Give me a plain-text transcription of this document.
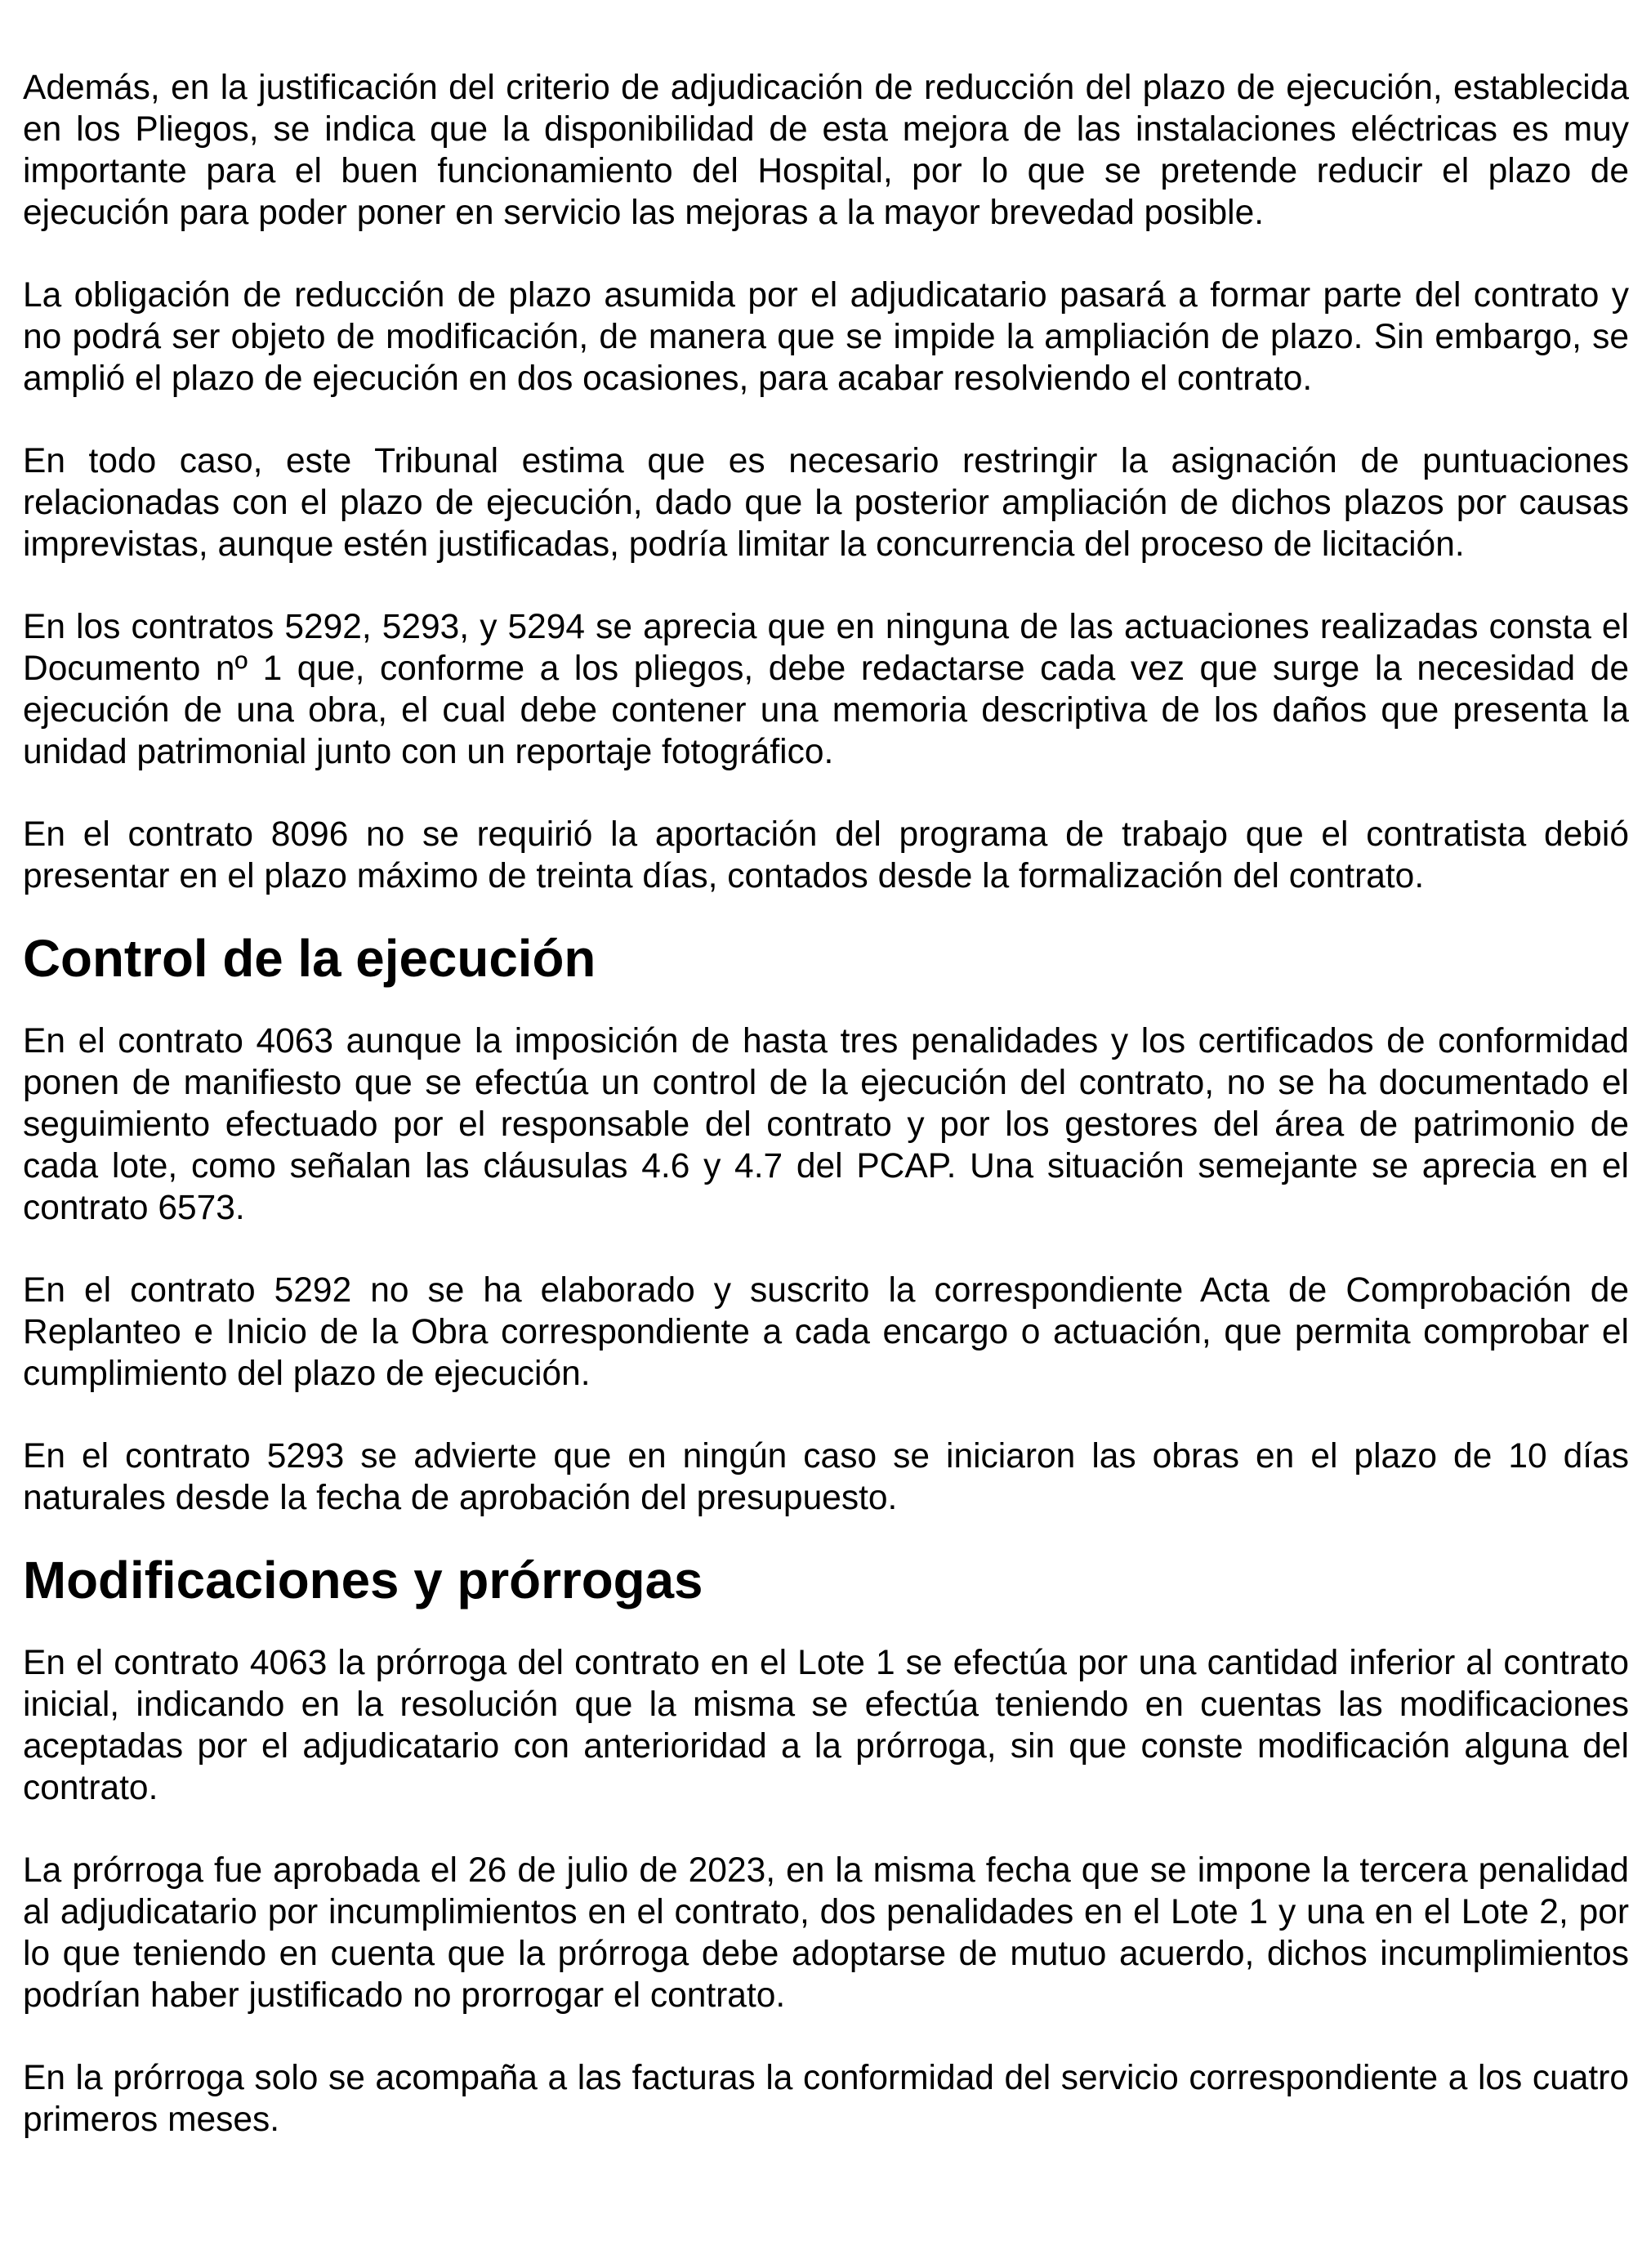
Además, en la justificación del criterio de adjudicación de reducción del plazo de ejecución, establecida en los Pliegos, se indica que la disponibilidad de esta mejora de las instalaciones eléctricas es muy importante para el buen funcionamiento del Hospital, por lo que se pretende reducir el plazo de ejecución para poder poner en servicio las mejoras a la mayor brevedad posible.

La obligación de reducción de plazo asumida por el adjudicatario pasará a formar parte del contrato y no podrá ser objeto de modificación, de manera que se impide la ampliación de plazo. Sin embargo, se amplió el plazo de ejecución en dos ocasiones, para acabar resolviendo el contrato.

En todo caso, este Tribunal estima que es necesario restringir la asignación de puntuaciones relacionadas con el plazo de ejecución, dado que la posterior ampliación de dichos plazos por causas imprevistas, aunque estén justificadas, podría limitar la concurrencia del proceso de licitación.

En los contratos 5292, 5293, y 5294 se aprecia que en ninguna de las actuaciones realizadas consta el Documento nº 1 que, conforme a los pliegos, debe redactarse cada vez que surge la necesidad de ejecución de una obra, el cual debe contener una memoria descriptiva de los daños que presenta la unidad patrimonial junto con un reportaje fotográfico.

En el contrato 8096 no se requirió la aportación del programa de trabajo que el contratista debió presentar en el plazo máximo de treinta días, contados desde la formalización del contrato.

Control de la ejecución

En el contrato 4063 aunque la imposición de hasta tres penalidades y los certificados de conformidad ponen de manifiesto que se efectúa un control de la ejecución del contrato, no se ha documentado el seguimiento efectuado por el responsable del contrato y por los gestores del área de patrimonio de cada lote, como señalan las cláusulas 4.6 y 4.7 del PCAP. Una situación semejante se aprecia en el contrato 6573.

En el contrato 5292 no se ha elaborado y suscrito la correspondiente Acta de Comprobación de Replanteo e Inicio de la Obra correspondiente a cada encargo o actuación, que permita comprobar el cumplimiento del plazo de ejecución.

En el contrato 5293 se advierte que en ningún caso se iniciaron las obras en el plazo de 10 días naturales desde la fecha de aprobación del presupuesto.

Modificaciones y prórrogas

En el contrato 4063 la prórroga del contrato en el Lote 1 se efectúa por una cantidad inferior al contrato inicial, indicando en la resolución que la misma se efectúa teniendo en cuentas las modificaciones aceptadas por el adjudicatario con anterioridad a la prórroga, sin que conste modificación alguna del contrato.

La prórroga fue aprobada el 26 de julio de 2023, en la misma fecha que se impone la tercera penalidad al adjudicatario por incumplimientos en el contrato, dos penalidades en el Lote 1 y una en el Lote 2, por lo que teniendo en cuenta que la prórroga debe adoptarse de mutuo acuerdo, dichos incumplimientos podrían haber justificado no prorrogar el contrato.

En la prórroga solo se acompaña a las facturas la conformidad del servicio correspondiente a los cuatro primeros meses.
